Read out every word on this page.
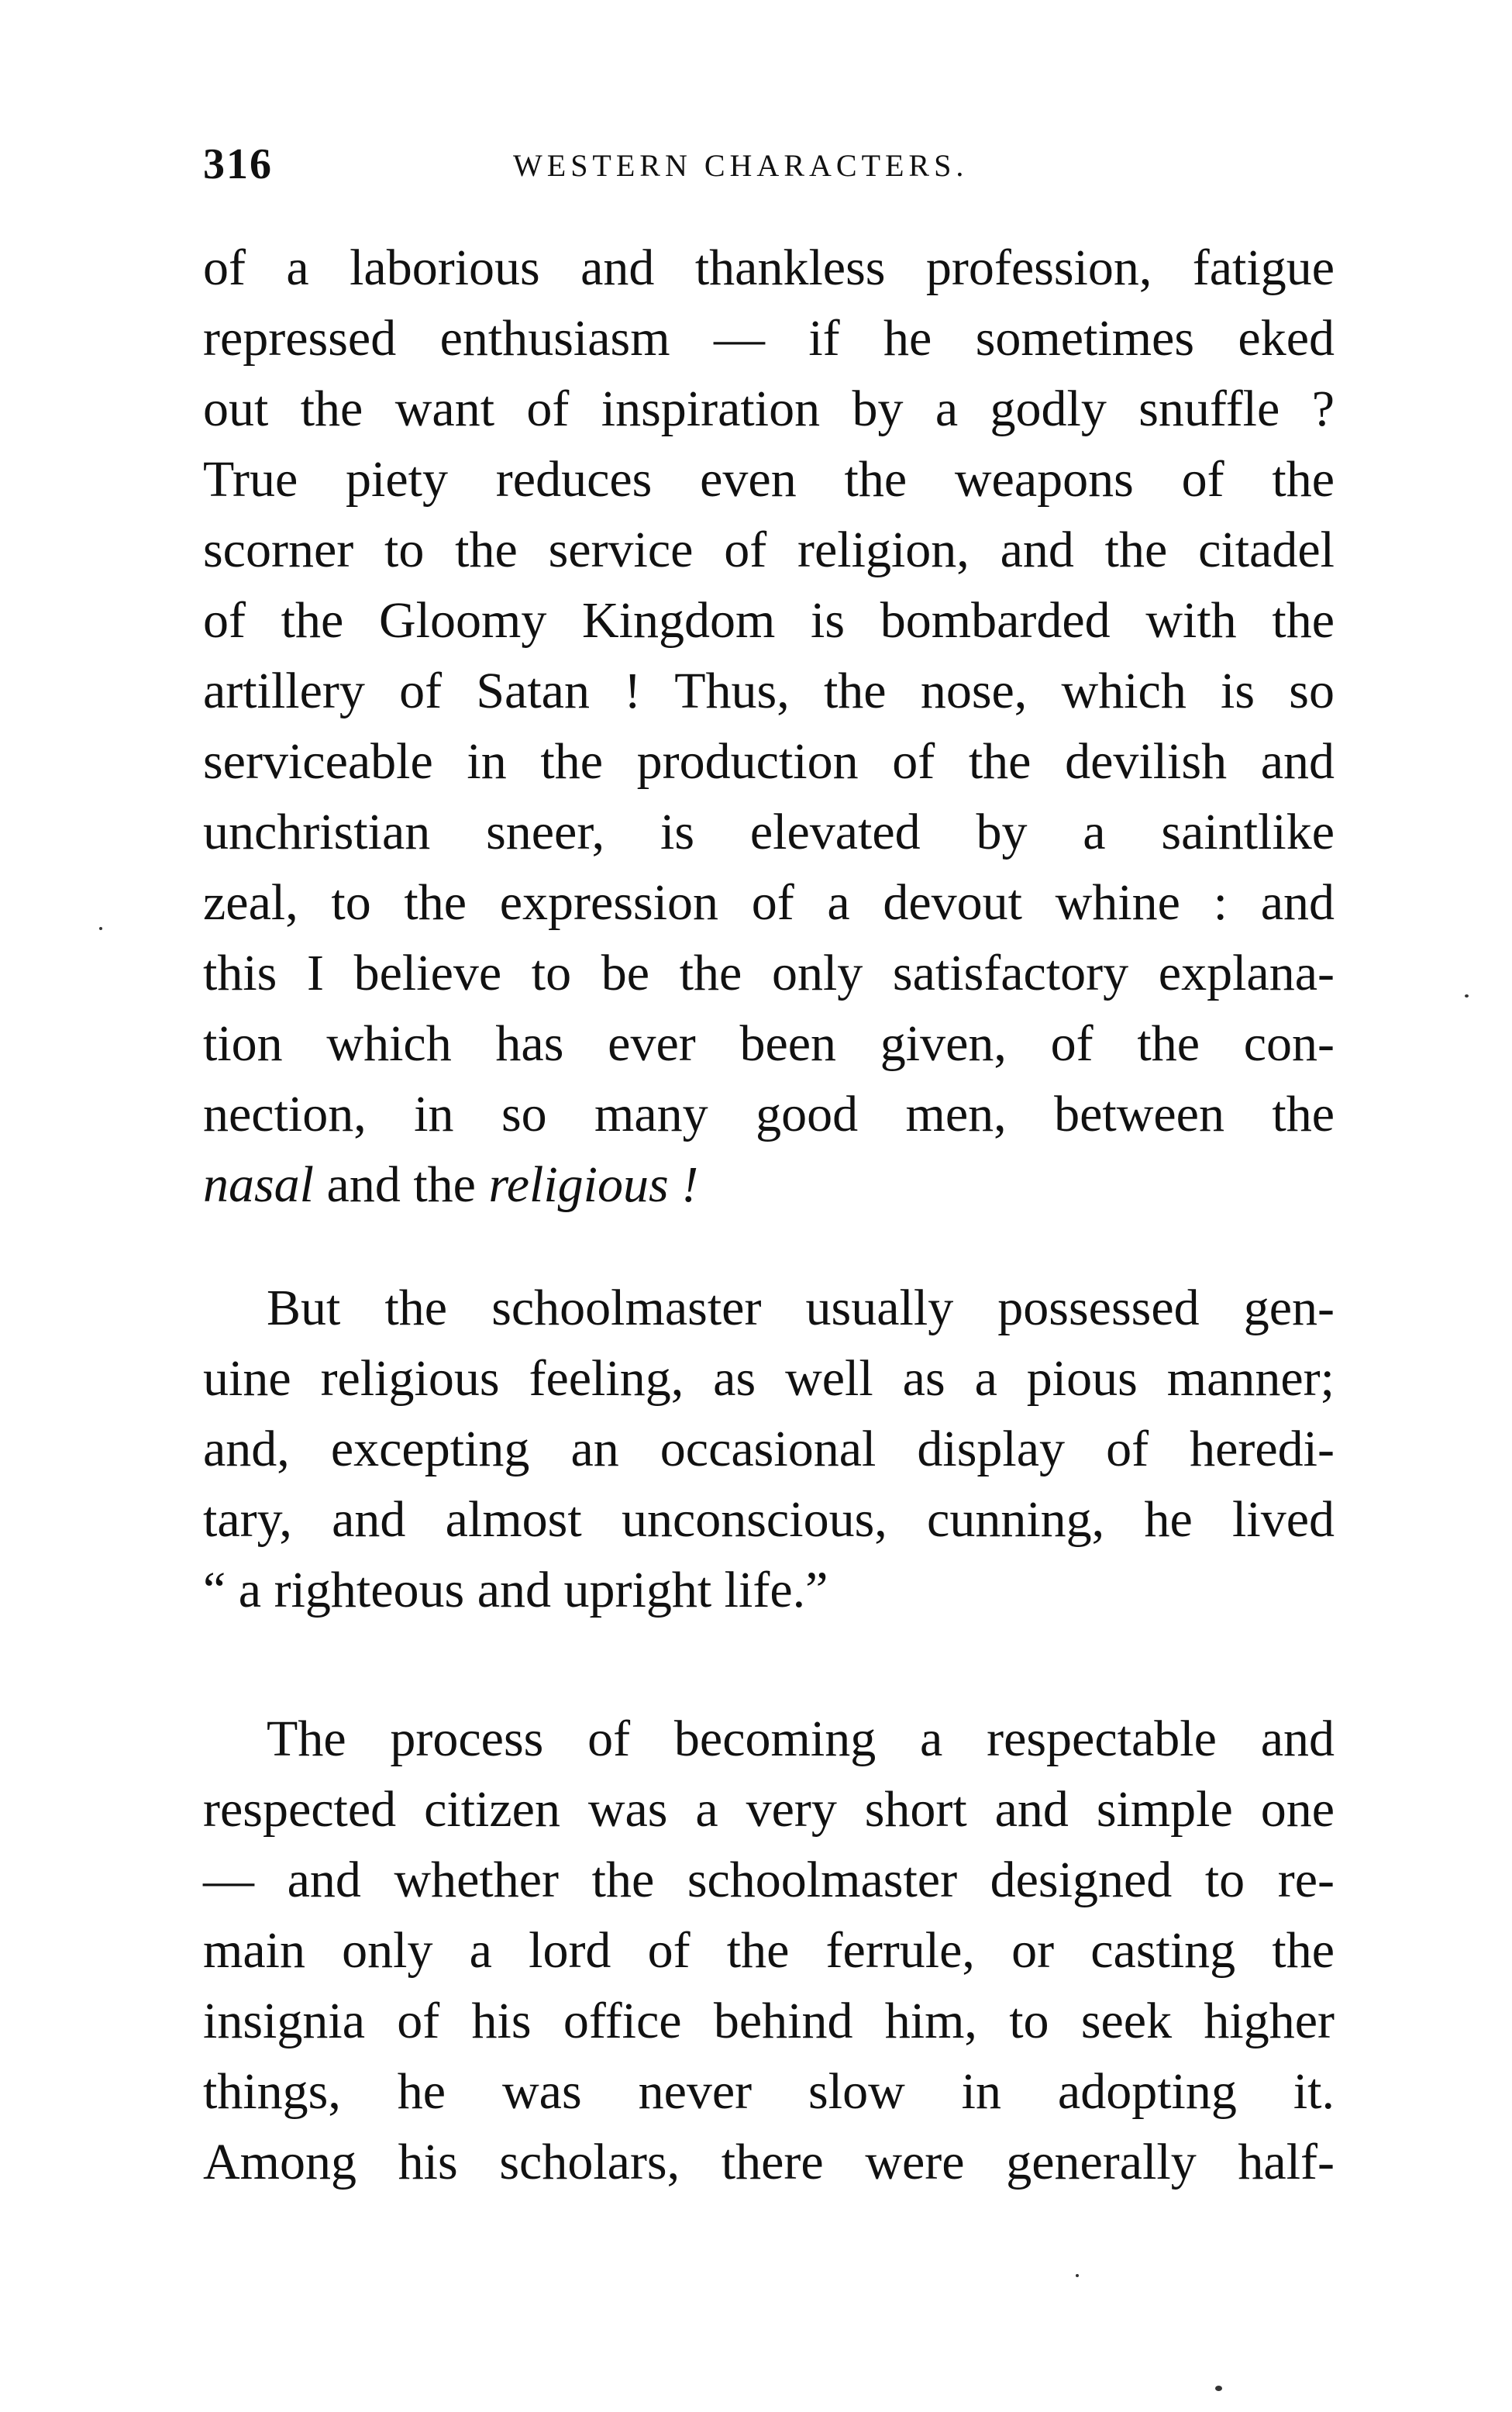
316	WESTERN CHARACTERS.
of a laborious and thankless profession, fatigue
repressed enthusiasm — if he sometimes eked
out the want of inspiration by a godly snuffle ?
True piety reduces even the weapons of the
scorner to the service of religion, and the citadel
of the Gloomy Kingdom is bombarded with the
artillery of Satan ! Thus, the nose, which is so
serviceable in the production of the devilish and
unchristian sneer, is elevated by a saintlike
zeal, to the expression of a devout whine : and
this I believe to be the only satisfactory explana-
tion which has ever been given, of the con-
nection, in so many good men, between the
nasal and the religious !
But the schoolmaster usually possessed gen-
uine religious feeling, as well as a pious manner;
and, excepting an occasional display of heredi-
tary, and almost unconscious, cunning, he lived
“ a righteous and upright life.”
The process of becoming a respectable and
respected citizen was a very short and simple one
— and whether the schoolmaster designed to re-
main only a lord of the ferrule, or casting the
insignia of his office behind him, to seek higher
things, he was never slow in adopting it.
Among his scholars, there were generally half-
